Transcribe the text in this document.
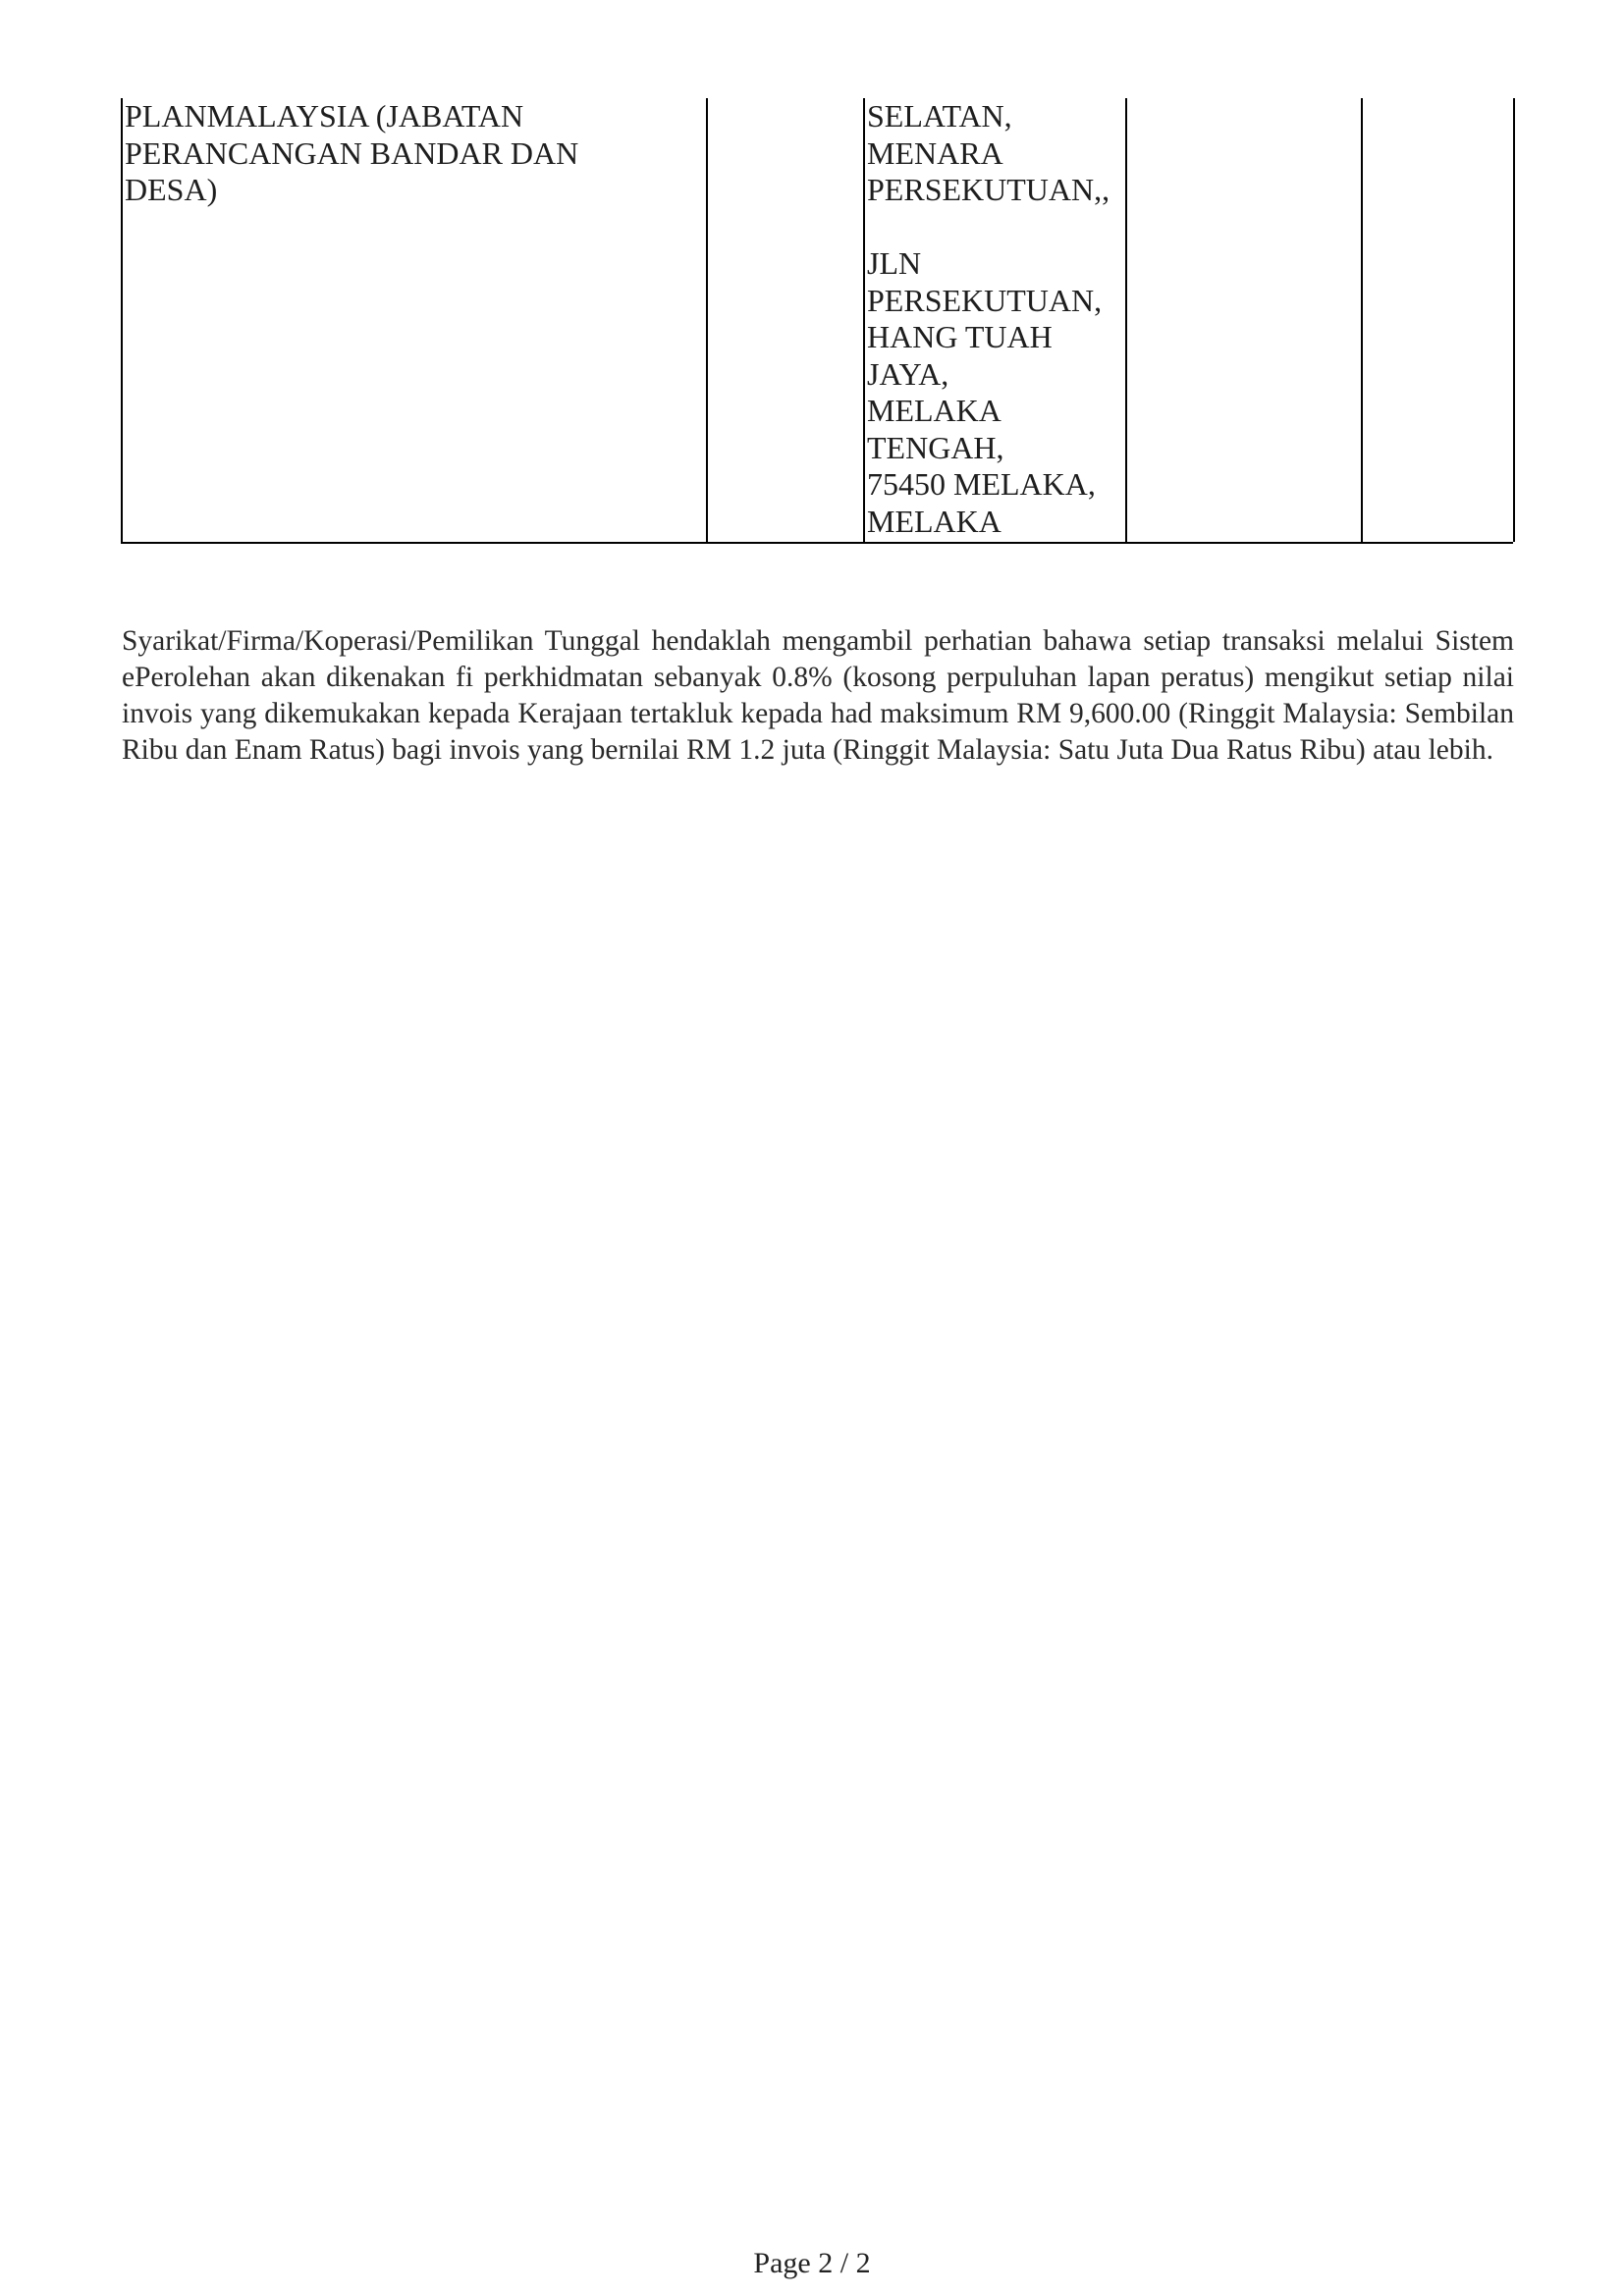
PLANMALAYSIA (JABATAN
PERANCANGAN BANDAR DAN
DESA)

SELATAN,
MENARA
PERSEKUTUAN,,
JLN
PERSEKUTUAN,
HANG TUAH
JAYA,
MELAKA
TENGAH,
75450 MELAKA,
MELAKA

Syarikat/Firma/Koperasi/Pemilikan Tunggal hendaklah mengambil perhatian bahawa setiap transaksi melalui Sistem ePerolehan akan dikenakan fi perkhidmatan sebanyak 0.8% (kosong perpuluhan lapan peratus) mengikut setiap nilai invois yang dikemukakan kepada Kerajaan tertakluk kepada had maksimum RM 9,600.00 (Ringgit Malaysia: Sembilan Ribu dan Enam Ratus) bagi invois yang bernilai RM 1.2 juta (Ringgit Malaysia: Satu Juta Dua Ratus Ribu) atau lebih.

Page 2 / 2
